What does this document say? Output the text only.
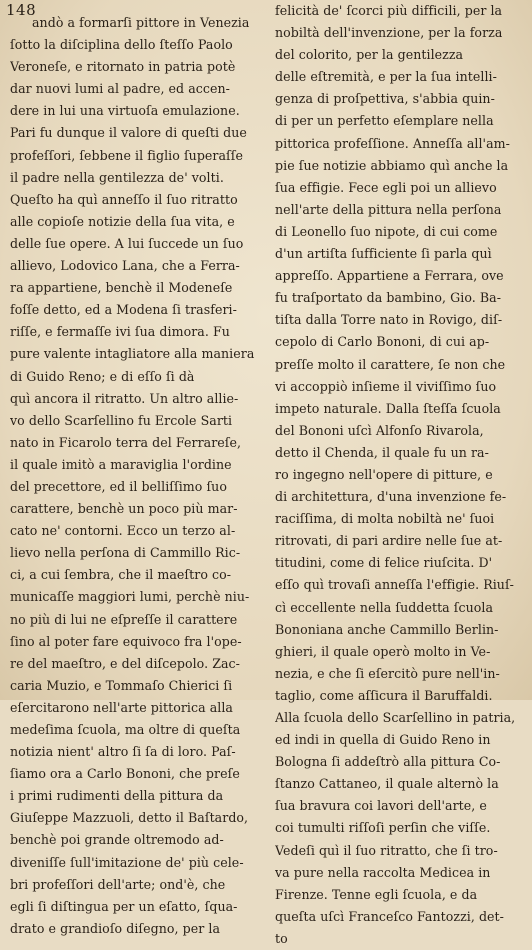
148
andò a formarſi pittore in Venezia
ſotto la diſciplina dello ſteſſo Paolo
Veroneſe, e ritornato in patria potè
dar nuovi lumi al padre, ed accen-
dere in lui una virtuoſa emulazione.
Pari fu dunque il valore di queſti due
profeſſori, ſebbene il figlio ſuperaſſe
il padre nella gentilezza de' volti.
Queſto ha quì anneſſo il ſuo ritratto
alle copioſe notizie della ſua vita, e
delle ſue opere. A lui ſuccede un ſuo
allievo, Lodovico Lana, che a Ferra-
ra appartiene, benchè il Modeneſe
foſſe detto, ed a Modena ſi trasferi-
riſſe, e fermaſſe ivi ſua dimora. Fu
pure valente intagliatore alla maniera
di Guido Reno; e di eſſo ſi dà
quì ancora il ritratto. Un altro allie-
vo dello Scarſellino fu Ercole Sarti
nato in Ficarolo terra del Ferrareſe,
il quale imitò a maraviglia l'ordine
del precettore, ed il belliſſimo ſuo
carattere, benchè un poco più mar-
cato ne' contorni. Ecco un terzo al-
lievo nella perſona di Cammillo Ric-
ci, a cui ſembra, che il maeſtro co-
municaſſe maggiori lumi, perchè niu-
no più di lui ne eſpreſſe il carattere
ſino al poter fare equivoco fra l'ope-
re del maeſtro, e del diſcepolo. Zac-
caria Muzio, e Tommaſo Chierici ſi
eſercitarono nell'arte pittorica alla
medeſima ſcuola, ma oltre di queſta
notizia nient' altro ſi ſa di loro. Paſ-
ſiamo ora a Carlo Bononi, che preſe
i primi rudimenti della pittura da
Giuſeppe Mazzuoli, detto il Baſtardo,
benchè poi grande oltremodo ad-
diveniſſe ſull'imitazione de' più cele-
bri profeſſori dell'arte; ond'è, che
egli ſi diſtingua per un eſatto, ſqua-
drato e grandioſo diſegno, per la
felicità de' ſcorci più difficili, per la
nobiltà dell'invenzione, per la forza
del colorito, per la gentilezza
delle eſtremità, e per la ſua intelli-
genza di proſpettiva, s'abbia quin-
di per un perfetto eſemplare nella
pittorica profeſſione. Anneſſa all'am-
pie ſue notizie abbiamo quì anche la
ſua effigie. Fece egli poi un allievo
nell'arte della pittura nella perſona
di Leonello ſuo nipote, di cui come
d'un artiſta ſufficiente ſi parla quì
appreſſo. Appartiene a Ferrara, ove
fu traſportato da bambino, Gio. Ba-
tiſta dalla Torre nato in Rovigo, diſ-
cepolo di Carlo Bononi, di cui ap-
preſſe molto il carattere, ſe non che
vi accoppiò inſieme il viviſſimo ſuo
impeto naturale. Dalla ſteſſa ſcuola
del Bononi uſcì Alfonſo Rivarola,
detto il Chenda, il quale fu un ra-
ro ingegno nell'opere di pitture, e
di architettura, d'una invenzione fe-
raciſſima, di molta nobiltà ne' ſuoi
ritrovati, di pari ardire nelle ſue at-
titudini, come di felice riuſcita. D'
eſſo quì trovaſi anneſſa l'effigie. Riuſ-
cì eccellente nella ſuddetta ſcuola
Bononiana anche Cammillo Berlin-
ghieri, il quale operò molto in Ve-
nezia, e che ſi eſercitò pure nell'in-
taglio, come aſſicura il Baruffaldi.
Alla ſcuola dello Scarſellino in patria,
ed indi in quella di Guido Reno in
Bologna ſi addeſtrò alla pittura Co-
ſtanzo Cattaneo, il quale alternò la
ſua bravura coi lavori dell'arte, e
coi tumulti riſſoſi perſin che viſſe.
Vedeſi quì il ſuo ritratto, che ſi tro-
va pure nella raccolta Medicea in
Firenze. Tenne egli ſcuola, e da
queſta uſcì Franceſco Fantozzi, det-
to
